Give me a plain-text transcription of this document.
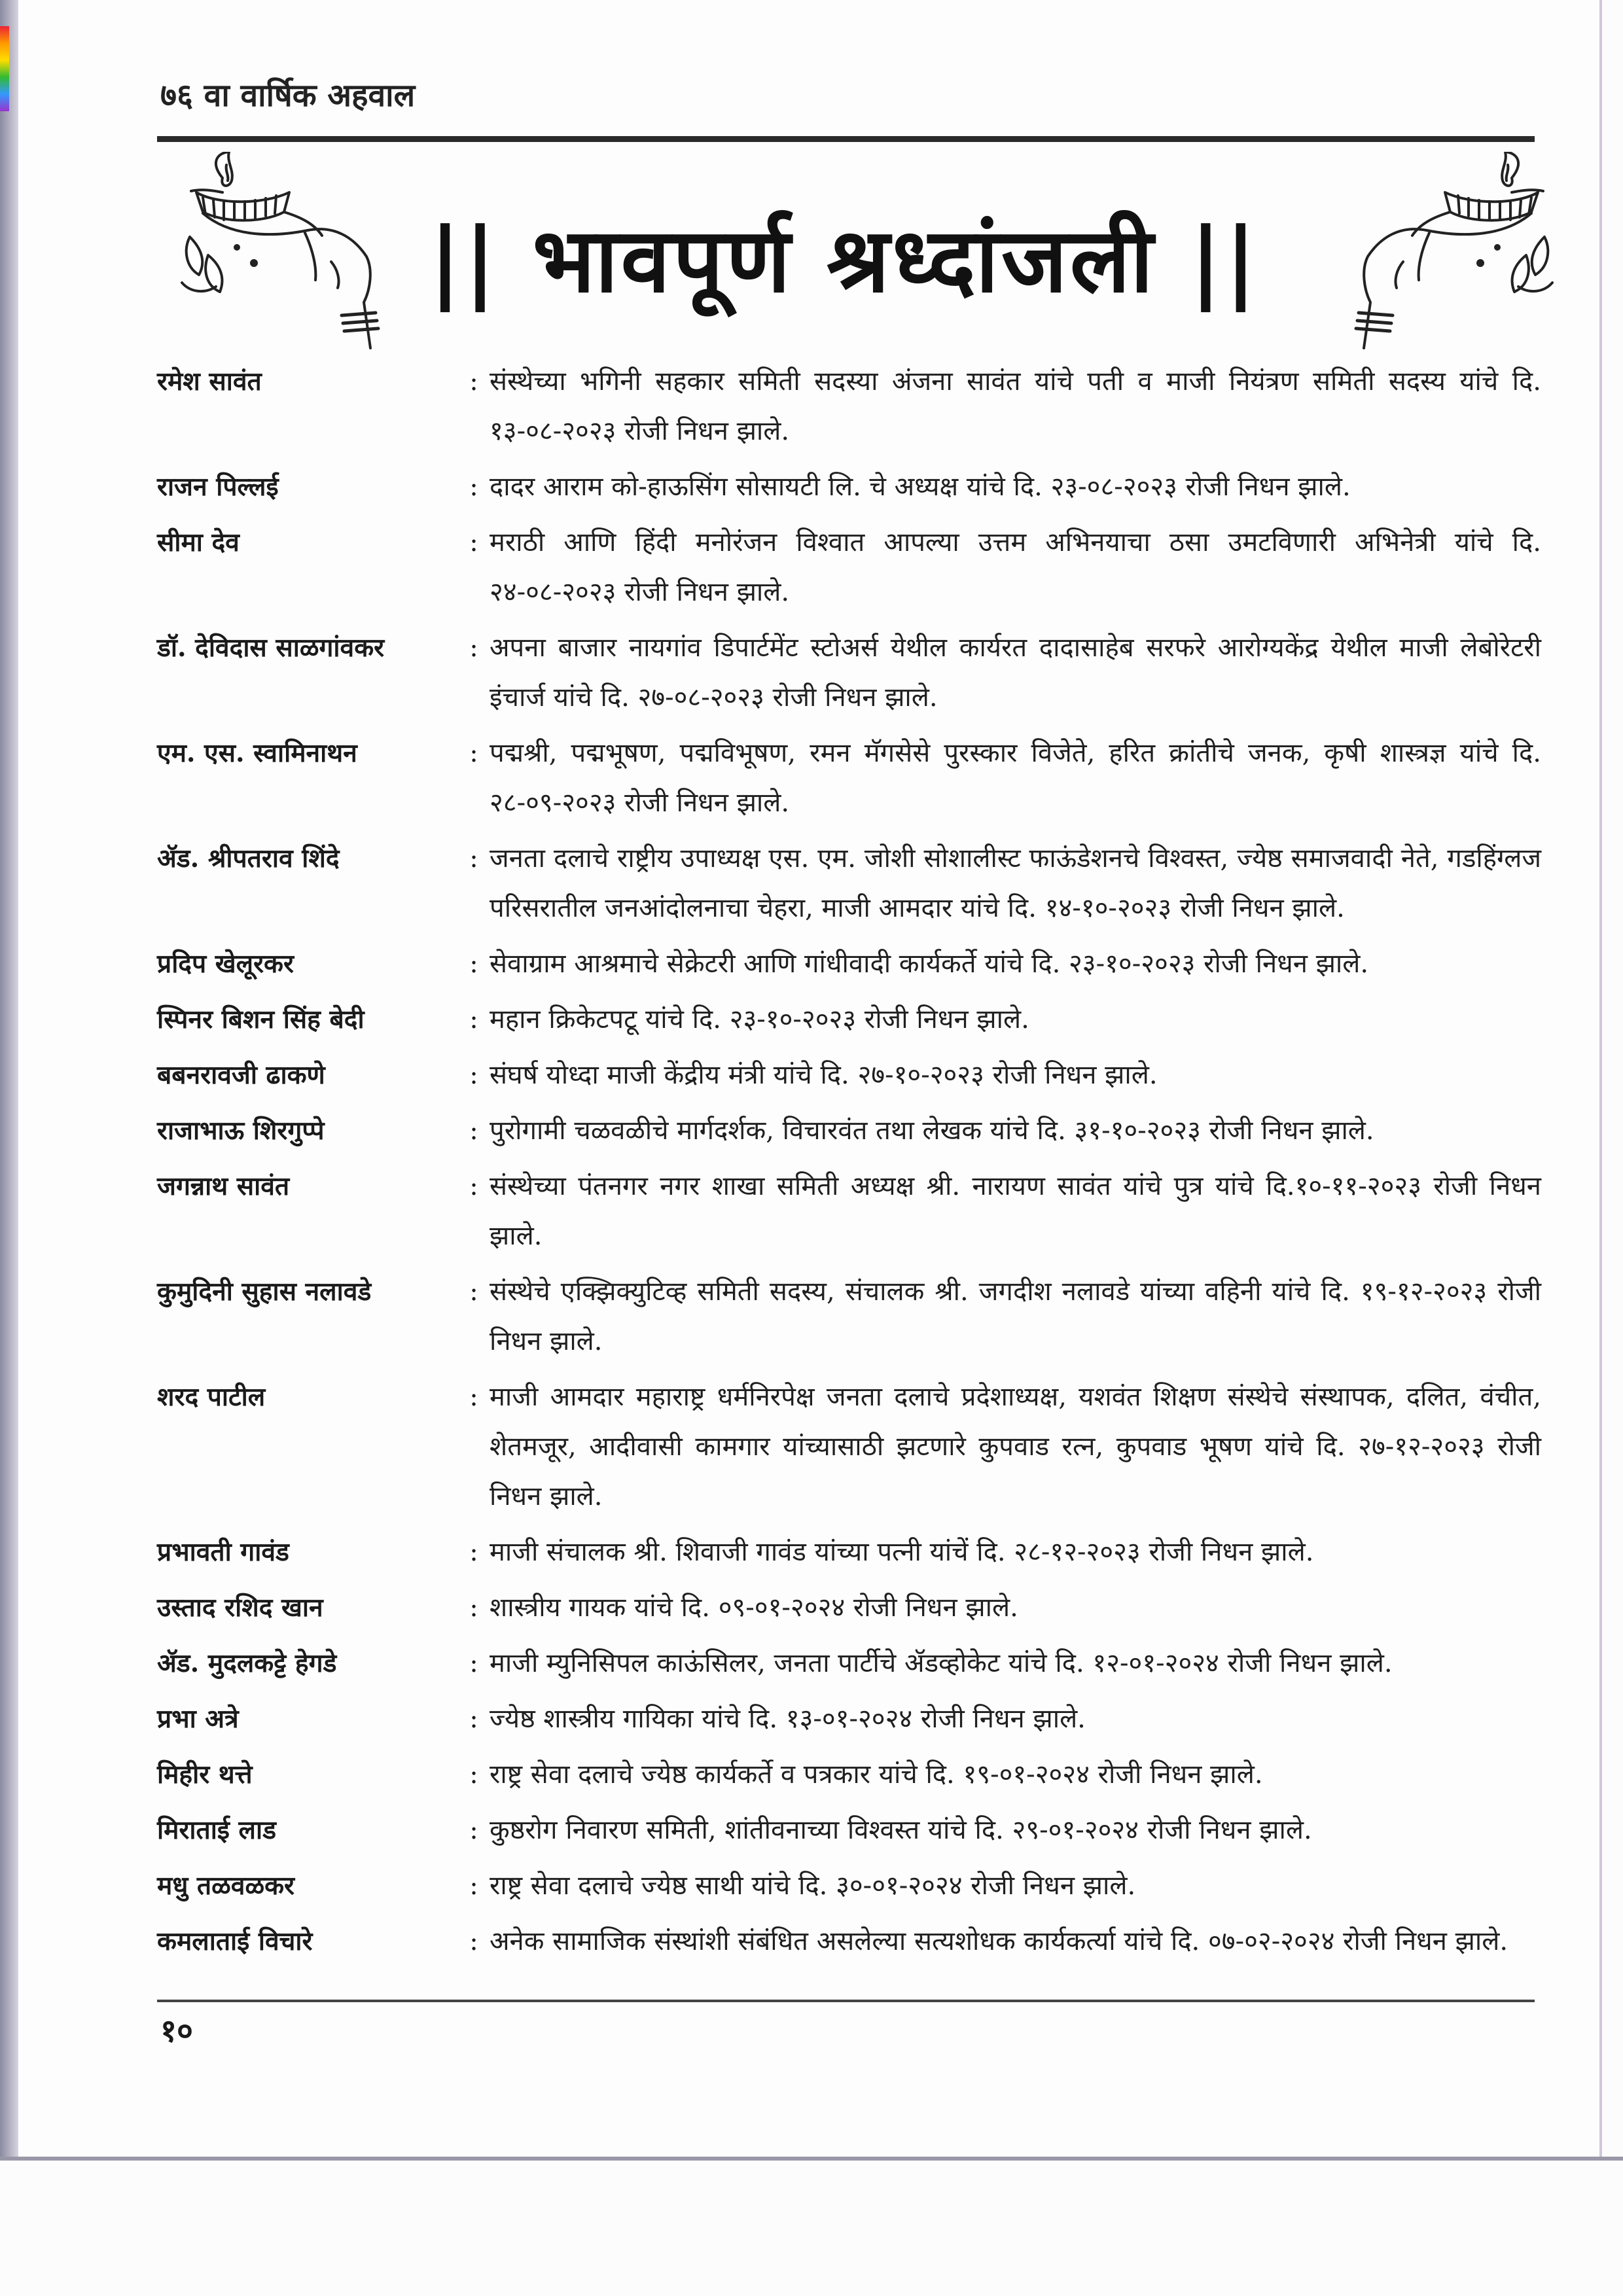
७६ वा वार्षिक अहवाल
|| भावपूर्ण श्रध्दांजली ||
रमेश सावंत	: संस्थेच्या भगिनी सहकार समिती सदस्या अंजना सावंत यांचे पती व माजी नियंत्रण समिती सदस्य यांचे दि. १३-०८-२०२३ रोजी निधन झाले.
राजन पिल्लई	: दादर आराम को-हाऊसिंग सोसायटी लि. चे अध्यक्ष यांचे दि. २३-०८-२०२३ रोजी निधन झाले.
सीमा देव	: मराठी आणि हिंदी मनोरंजन विश्वात आपल्या उत्तम अभिनयाचा ठसा उमटविणारी अभिनेत्री यांचे दि. २४-०८-२०२३ रोजी निधन झाले.
डॉ. देविदास साळगांवकर	: अपना बाजार नायगांव डिपार्टमेंट स्टोअर्स येथील कार्यरत दादासाहेब सरफरे आरोग्यकेंद्र येथील माजी लेबोरेटरी इंचार्ज यांचे दि. २७-०८-२०२३ रोजी निधन झाले.
एम. एस. स्वामिनाथन	: पद्मश्री, पद्मभूषण, पद्मविभूषण, रमन मॅगसेसे पुरस्कार विजेते, हरित क्रांतीचे जनक, कृषी शास्त्रज्ञ यांचे दि. २८-०९-२०२३ रोजी निधन झाले.
ॲड. श्रीपतराव शिंदे	: जनता दलाचे राष्ट्रीय उपाध्यक्ष एस. एम. जोशी सोशालीस्ट फाऊंडेशनचे विश्वस्त, ज्येष्ठ समाजवादी नेते, गडहिंग्लज परिसरातील जनआंदोलनाचा चेहरा, माजी आमदार यांचे दि. १४-१०-२०२३ रोजी निधन झाले.
प्रदिप खेलूरकर	: सेवाग्राम आश्रमाचे सेक्रेटरी आणि गांधीवादी कार्यकर्ते यांचे दि. २३-१०-२०२३ रोजी निधन झाले.
स्पिनर बिशन सिंह बेदी	: महान क्रिकेटपटू यांचे दि. २३-१०-२०२३ रोजी निधन झाले.
बबनरावजी ढाकणे	: संघर्ष योध्दा माजी केंद्रीय मंत्री यांचे दि. २७-१०-२०२३ रोजी निधन झाले.
राजाभाऊ शिरगुप्पे	: पुरोगामी चळवळीचे मार्गदर्शक, विचारवंत तथा लेखक यांचे दि. ३१-१०-२०२३ रोजी निधन झाले.
जगन्नाथ सावंत	: संस्थेच्या पंतनगर नगर शाखा समिती अध्यक्ष श्री. नारायण सावंत यांचे पुत्र यांचे दि.१०-११-२०२३ रोजी निधन झाले.
कुमुदिनी सुहास नलावडे	: संस्थेचे एक्झिक्युटिव्ह समिती सदस्य, संचालक श्री. जगदीश नलावडे यांच्या वहिनी यांचे दि. १९-१२-२०२३ रोजी निधन झाले.
शरद पाटील	: माजी आमदार महाराष्ट्र धर्मनिरपेक्ष जनता दलाचे प्रदेशाध्यक्ष, यशवंत शिक्षण संस्थेचे संस्थापक, दलित, वंचीत, शेतमजूर, आदीवासी कामगार यांच्यासाठी झटणारे कुपवाड रत्न, कुपवाड भूषण यांचे दि. २७-१२-२०२३ रोजी निधन झाले.
प्रभावती गावंड	: माजी संचालक श्री. शिवाजी गावंड यांच्या पत्नी यांचें दि. २८-१२-२०२३ रोजी निधन झाले.
उस्ताद रशिद खान	: शास्त्रीय गायक यांचे दि. ०९-०१-२०२४ रोजी निधन झाले.
ॲड. मुदलकट्टे हेगडे	: माजी म्युनिसिपल काऊंसिलर, जनता पार्टीचे ॲडव्होकेट यांचे दि. १२-०१-२०२४ रोजी निधन झाले.
प्रभा अत्रे	: ज्येष्ठ शास्त्रीय गायिका यांचे दि. १३-०१-२०२४ रोजी निधन झाले.
मिहीर थत्ते	: राष्ट्र सेवा दलाचे ज्येष्ठ कार्यकर्ते व पत्रकार यांचे दि. १९-०१-२०२४ रोजी निधन झाले.
मिराताई लाड	: कुष्ठरोग निवारण समिती, शांतीवनाच्या विश्वस्त यांचे दि. २९-०१-२०२४ रोजी निधन झाले.
मधु तळवळकर	: राष्ट्र सेवा दलाचे ज्येष्ठ साथी यांचे दि. ३०-०१-२०२४ रोजी निधन झाले.
कमलाताई विचारे	: अनेक सामाजिक संस्थांशी संबंधित असलेल्या सत्यशोधक कार्यकर्त्या यांचे दि. ०७-०२-२०२४ रोजी निधन झाले.
१०
